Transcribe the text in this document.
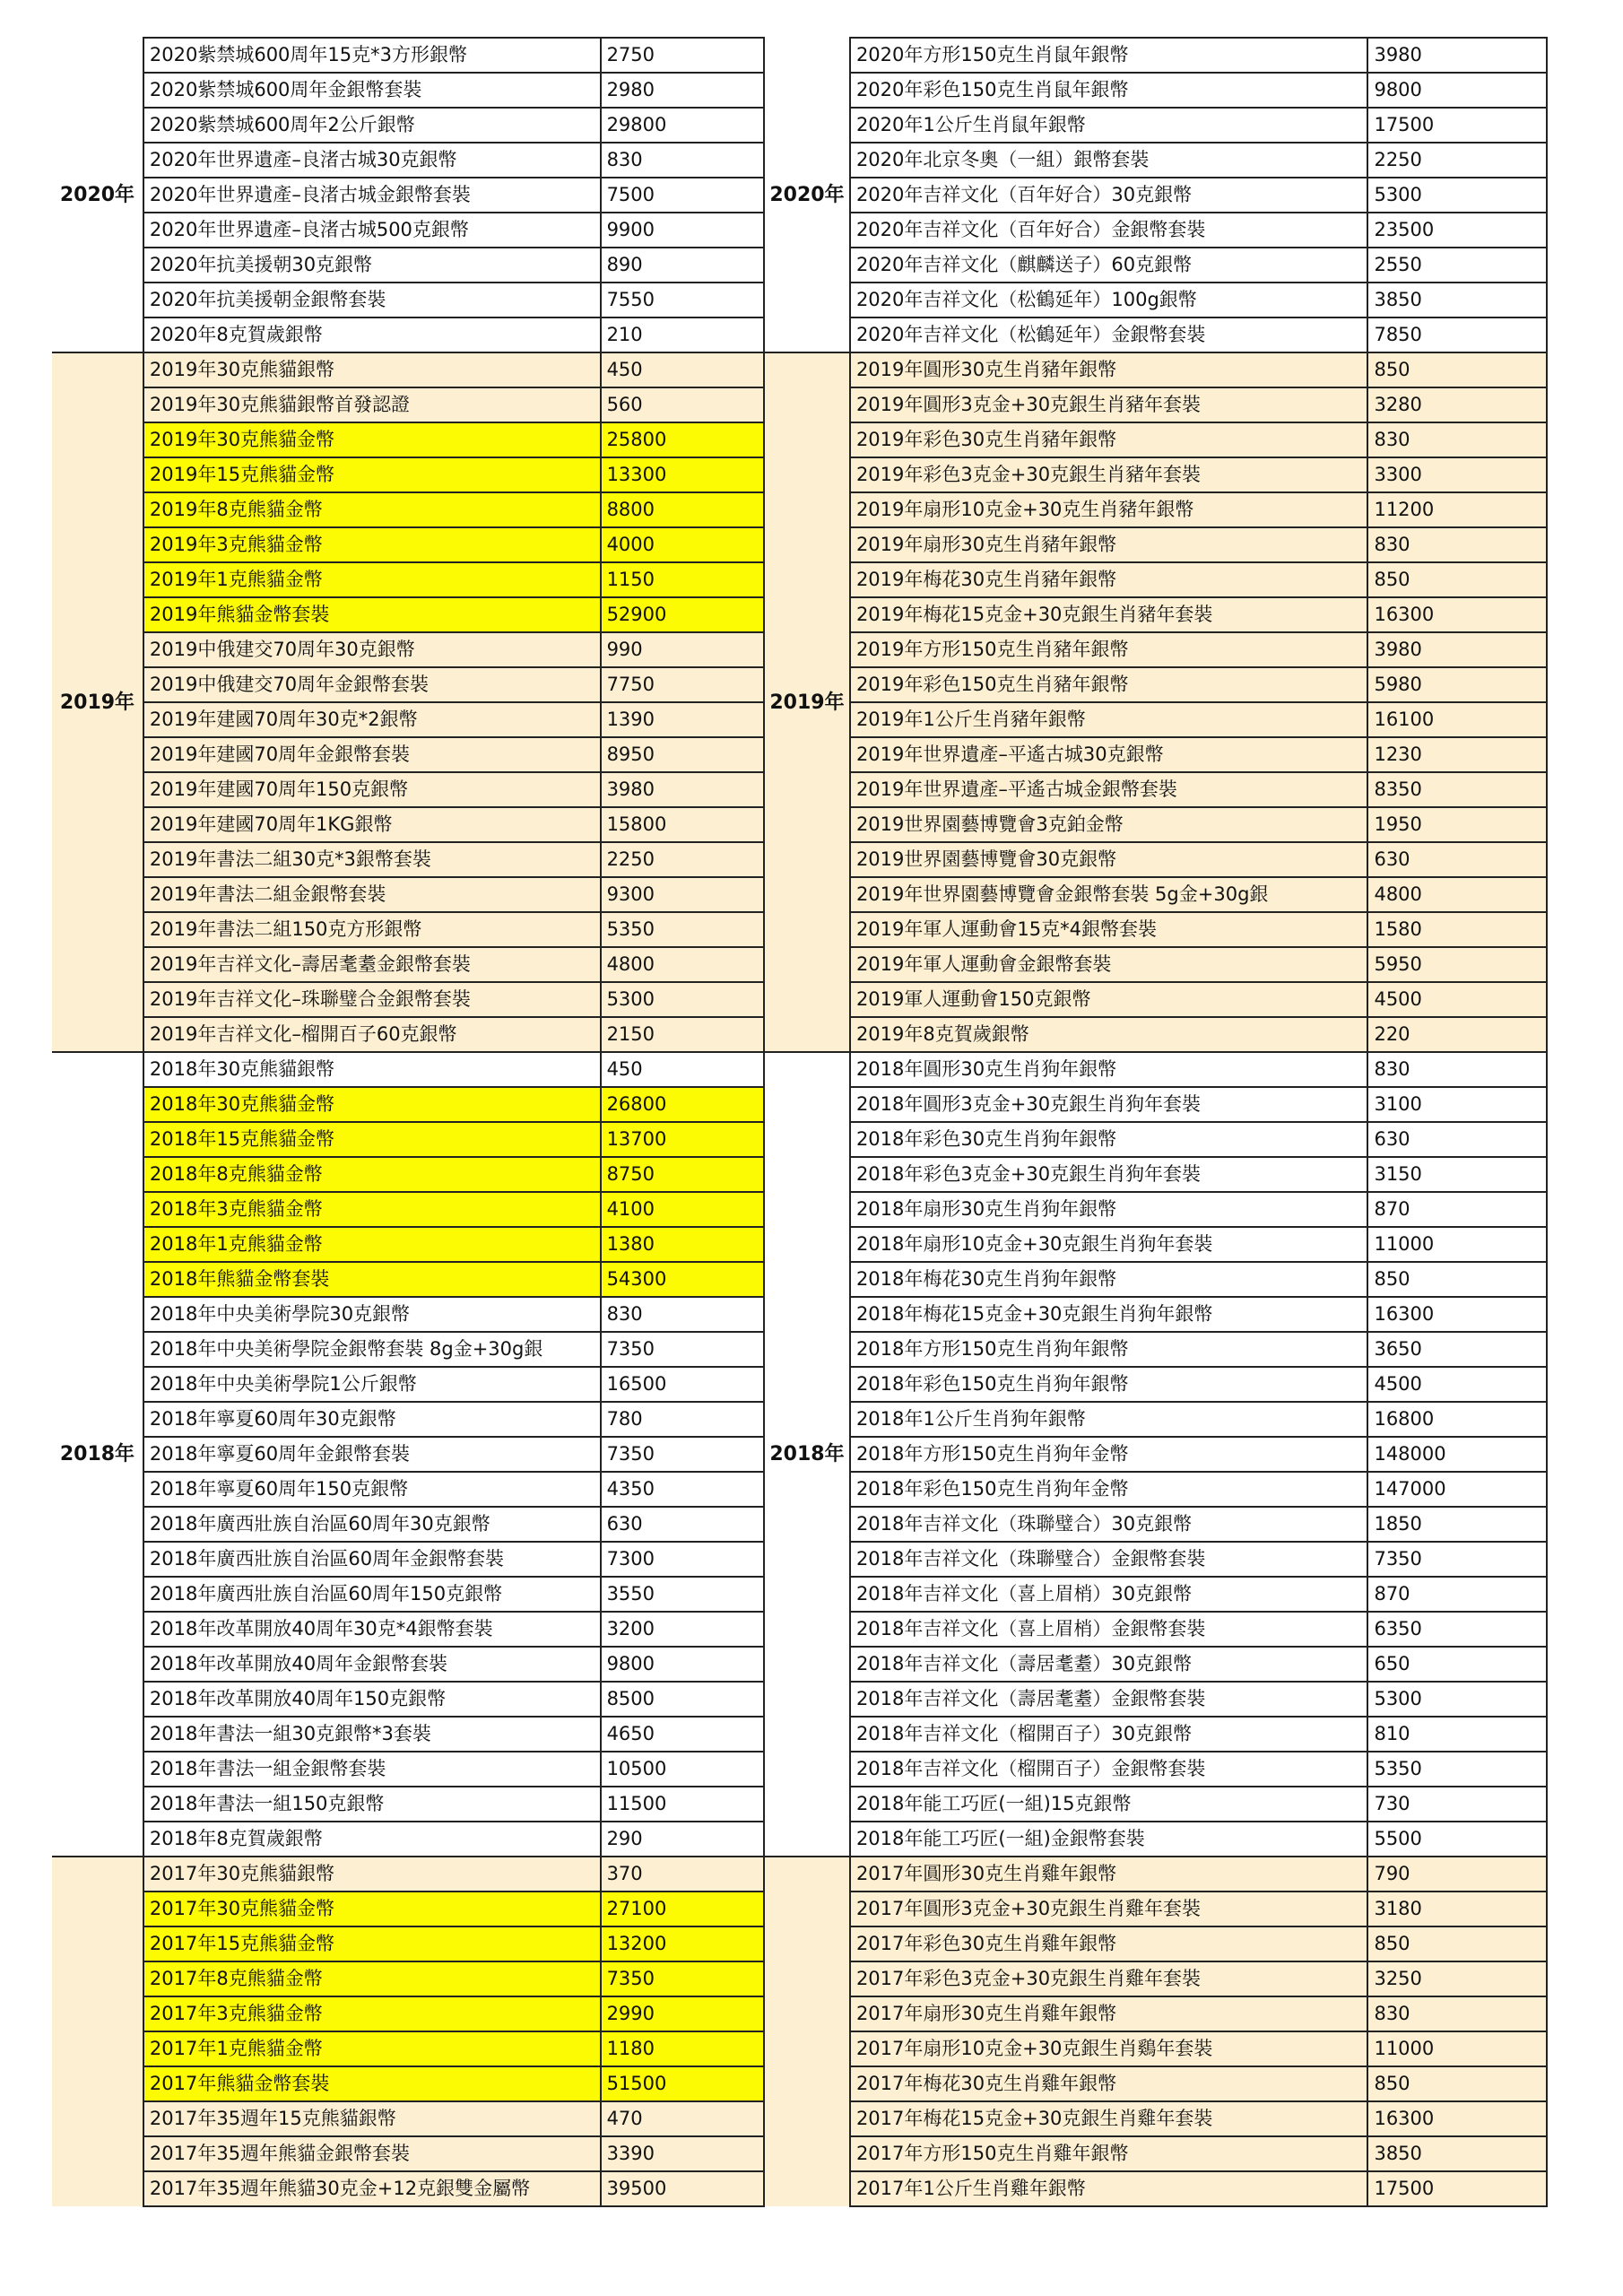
2020年	2020紫禁城600周年15克*3方形銀幣	2750
	2020紫禁城600周年金銀幣套裝	2980
	2020紫禁城600周年2公斤銀幣	29800
	2020年世界遺產–良渚古城30克銀幣	830
	2020年世界遺產–良渚古城金銀幣套裝	7500
	2020年世界遺產–良渚古城500克銀幣	9900
	2020年抗美援朝30克銀幣	890
	2020年抗美援朝金銀幣套裝	7550
	2020年8克賀歲銀幣	210
2019年	2019年30克熊貓銀幣	450
	2019年30克熊貓銀幣首發認證	560
	2019年30克熊貓金幣	25800
	2019年15克熊貓金幣	13300
	2019年8克熊貓金幣	8800
	2019年3克熊貓金幣	4000
	2019年1克熊貓金幣	1150
	2019年熊貓金幣套裝	52900
	2019中俄建交70周年30克銀幣	990
	2019中俄建交70周年金銀幣套裝	7750
	2019年建國70周年30克*2銀幣	1390
	2019年建國70周年金銀幣套裝	8950
	2019年建國70周年150克銀幣	3980
	2019年建國70周年1KG銀幣	15800
	2019年書法二組30克*3銀幣套裝	2250
	2019年書法二組金銀幣套裝	9300
	2019年書法二組150克方形銀幣	5350
	2019年吉祥文化–壽居耄耋金銀幣套裝	4800
	2019年吉祥文化–珠聯璧合金銀幣套裝	5300
	2019年吉祥文化–榴開百子60克銀幣	2150
2018年	2018年30克熊貓銀幣	450
	2018年30克熊貓金幣	26800
	2018年15克熊貓金幣	13700
	2018年8克熊貓金幣	8750
	2018年3克熊貓金幣	4100
	2018年1克熊貓金幣	1380
	2018年熊貓金幣套裝	54300
	2018年中央美術學院30克銀幣	830
	2018年中央美術學院金銀幣套裝 8g金+30g銀	7350
	2018年中央美術學院1公斤銀幣	16500
	2018年寧夏60周年30克銀幣	780
	2018年寧夏60周年金銀幣套裝	7350
	2018年寧夏60周年150克銀幣	4350
	2018年廣西壯族自治區60周年30克銀幣	630
	2018年廣西壯族自治區60周年金銀幣套裝	7300
	2018年廣西壯族自治區60周年150克銀幣	3550
	2018年改革開放40周年30克*4銀幣套裝	3200
	2018年改革開放40周年金銀幣套裝	9800
	2018年改革開放40周年150克銀幣	8500
	2018年書法一組30克銀幣*3套裝	4650
	2018年書法一組金銀幣套裝	10500
	2018年書法一組150克銀幣	11500
	2018年8克賀歲銀幣	290
	2017年30克熊貓銀幣	370
	2017年30克熊貓金幣	27100
	2017年15克熊貓金幣	13200
	2017年8克熊貓金幣	7350
	2017年3克熊貓金幣	2990
	2017年1克熊貓金幣	1180
	2017年熊貓金幣套裝	51500
	2017年35週年15克熊貓銀幣	470
	2017年35週年熊貓金銀幣套裝	3390
	2017年35週年熊貓30克金+12克銀雙金屬幣	39500
2020年	2020年方形150克生肖鼠年銀幣	3980
	2020年彩色150克生肖鼠年銀幣	9800
	2020年1公斤生肖鼠年銀幣	17500
	2020年北京冬奧（一組）銀幣套裝	2250
	2020年吉祥文化（百年好合）30克銀幣	5300
	2020年吉祥文化（百年好合）金銀幣套裝	23500
	2020年吉祥文化（麒麟送子）60克銀幣	2550
	2020年吉祥文化（松鶴延年）100g銀幣	3850
	2020年吉祥文化（松鶴延年）金銀幣套裝	7850
2019年	2019年圓形30克生肖豬年銀幣	850
	2019年圓形3克金+30克銀生肖豬年套裝	3280
	2019年彩色30克生肖豬年銀幣	830
	2019年彩色3克金+30克銀生肖豬年套裝	3300
	2019年扇形10克金+30克生肖豬年銀幣	11200
	2019年扇形30克生肖豬年銀幣	830
	2019年梅花30克生肖豬年銀幣	850
	2019年梅花15克金+30克銀生肖豬年套裝	16300
	2019年方形150克生肖豬年銀幣	3980
	2019年彩色150克生肖豬年銀幣	5980
	2019年1公斤生肖豬年銀幣	16100
	2019年世界遺產–平遙古城30克銀幣	1230
	2019年世界遺產–平遙古城金銀幣套裝	8350
	2019世界園藝博覽會3克鉑金幣	1950
	2019世界園藝博覽會30克銀幣	630
	2019年世界園藝博覽會金銀幣套裝 5g金+30g銀	4800
	2019年軍人運動會15克*4銀幣套裝	1580
	2019年軍人運動會金銀幣套裝	5950
	2019軍人運動會150克銀幣	4500
	2019年8克賀歲銀幣	220
2018年	2018年圓形30克生肖狗年銀幣	830
	2018年圓形3克金+30克銀生肖狗年套裝	3100
	2018年彩色30克生肖狗年銀幣	630
	2018年彩色3克金+30克銀生肖狗年套裝	3150
	2018年扇形30克生肖狗年銀幣	870
	2018年扇形10克金+30克銀生肖狗年套裝	11000
	2018年梅花30克生肖狗年銀幣	850
	2018年梅花15克金+30克銀生肖狗年銀幣	16300
	2018年方形150克生肖狗年銀幣	3650
	2018年彩色150克生肖狗年銀幣	4500
	2018年1公斤生肖狗年銀幣	16800
	2018年方形150克生肖狗年金幣	148000
	2018年彩色150克生肖狗年金幣	147000
	2018年吉祥文化（珠聯璧合）30克銀幣	1850
	2018年吉祥文化（珠聯璧合）金銀幣套裝	7350
	2018年吉祥文化（喜上眉梢）30克銀幣	870
	2018年吉祥文化（喜上眉梢）金銀幣套裝	6350
	2018年吉祥文化（壽居耄耋）30克銀幣	650
	2018年吉祥文化（壽居耄耋）金銀幣套裝	5300
	2018年吉祥文化（榴開百子）30克銀幣	810
	2018年吉祥文化（榴開百子）金銀幣套裝	5350
	2018年能工巧匠(一組)15克銀幣	730
	2018年能工巧匠(一組)金銀幣套裝	5500
	2017年圓形30克生肖雞年銀幣	790
	2017年圓形3克金+30克銀生肖雞年套裝	3180
	2017年彩色30克生肖雞年銀幣	850
	2017年彩色3克金+30克銀生肖雞年套裝	3250
	2017年扇形30克生肖雞年銀幣	830
	2017年扇形10克金+30克銀生肖鷄年套裝	11000
	2017年梅花30克生肖雞年銀幣	850
	2017年梅花15克金+30克銀生肖雞年套裝	16300
	2017年方形150克生肖雞年銀幣	3850
	2017年1公斤生肖雞年銀幣	17500
